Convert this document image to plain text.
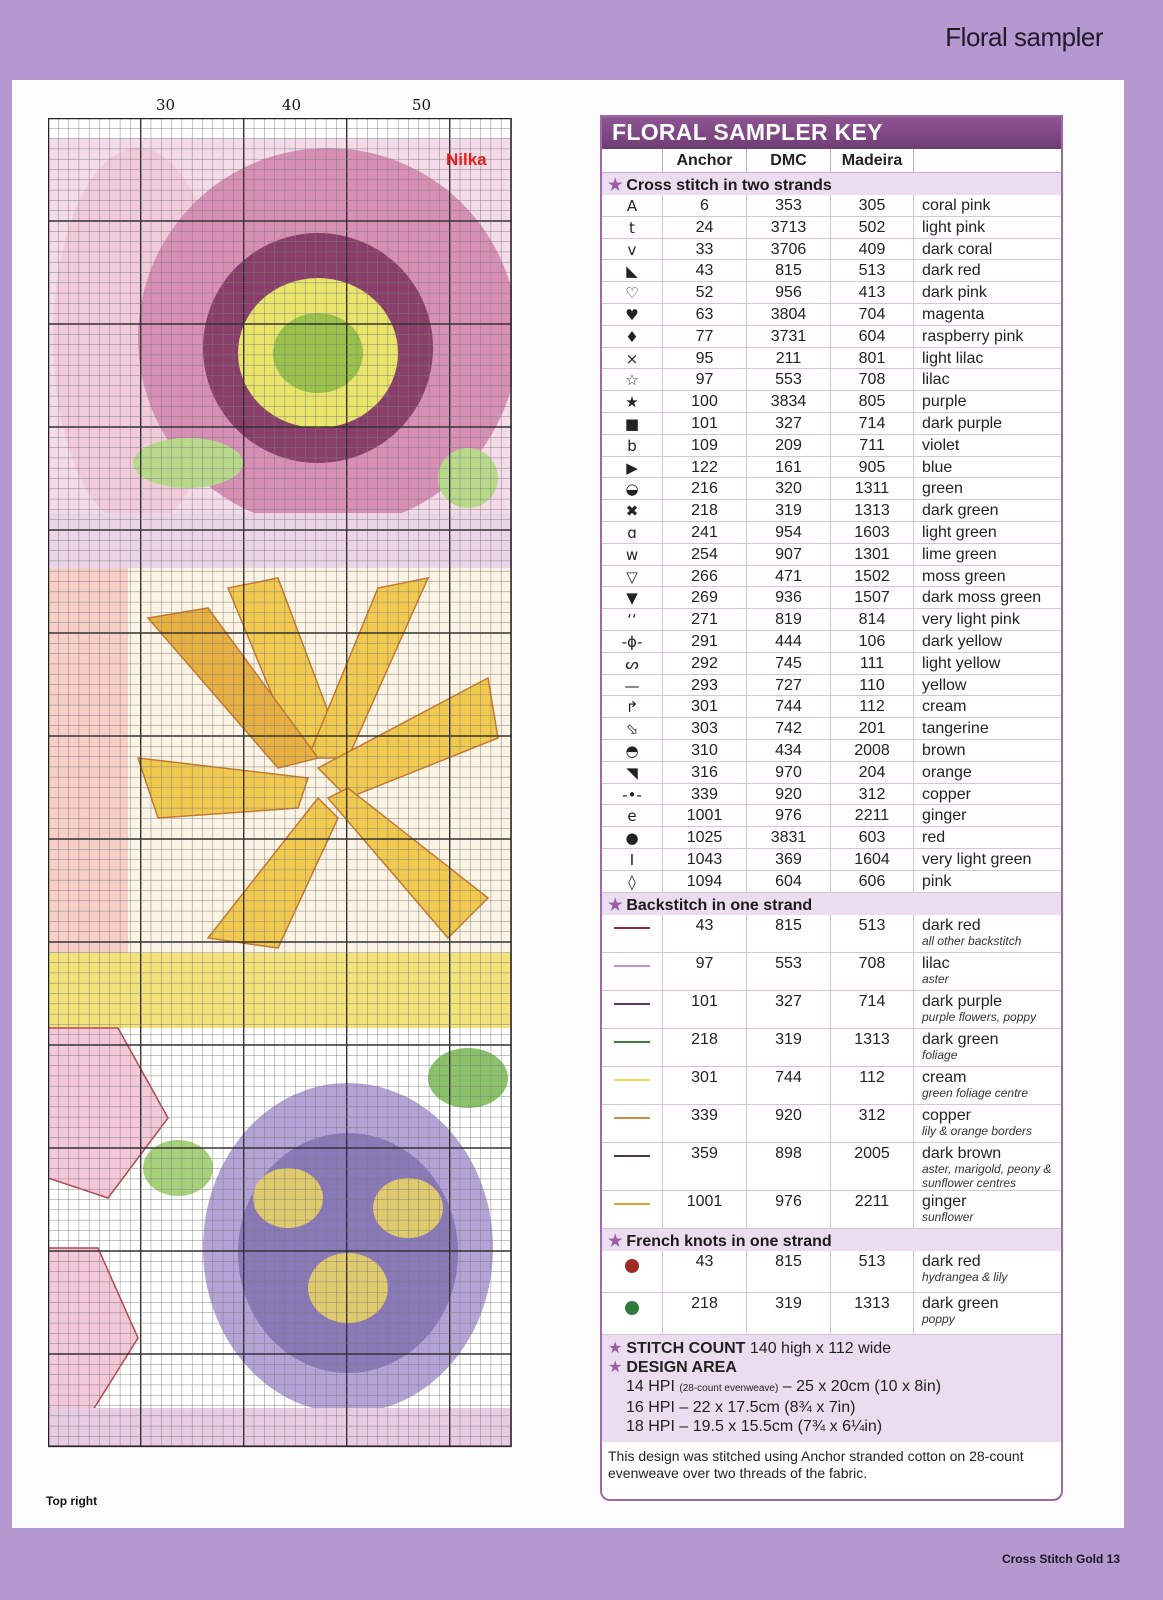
Floral sampler
Cross Stitch Gold 13
30	40	50
Nilka
Top right
FLORAL SAMPLER KEY
Anchor	DMC	Madeira
★ Cross stitch in two strands
A	6	353	305	coral pink
t	24	3713	502	light pink
v	33	3706	409	dark coral
◣	43	815	513	dark red
♡	52	956	413	dark pink
♥	63	3804	704	magenta
♦	77	3731	604	raspberry pink
×	95	211	801	light lilac
☆	97	553	708	lilac
★	100	3834	805	purple
■	101	327	714	dark purple
b	109	209	711	violet
▶	122	161	905	blue
◒	216	320	1311	green
✖	218	319	1313	dark green
ɑ	241	954	1603	light green
w	254	907	1301	lime green
▽	266	471	1502	moss green
▼	269	936	1507	dark moss green
ʻʻ	271	819	814	very light pink
-ϕ-	291	444	106	dark yellow
ᔕ	292	745	111	light yellow
—	293	727	110	yellow
↱	301	744	112	cream
⬂	303	742	201	tangerine
◓	310	434	2008	brown
◥	316	970	204	orange
-•-	339	920	312	copper
e	1001	976	2211	ginger
●	1025	3831	603	red
I	1043	369	1604	very light green
◊	1094	604	606	pink
★ Backstitch in one strand
43	815	513	dark red
all other backstitch
97	553	708	lilac
aster
101	327	714	dark purple
purple flowers, poppy
218	319	1313	dark green
foliage
301	744	112	cream
green foliage centre
339	920	312	copper
lily & orange borders
359	898	2005	dark brown
aster, marigold, peony & sunflower centres
1001	976	2211	ginger
sunflower
★ French knots in one strand
43	815	513	dark red
hydrangea & lily
218	319	1313	dark green
poppy
★ STITCH COUNT 140 high x 112 wide
★ DESIGN AREA
14 HPI (28-count evenweave) – 25 x 20cm (10 x 8in)
16 HPI – 22 x 17.5cm (8¾ x 7in)
18 HPI – 19.5 x 15.5cm (7¾ x 6¼in)
This design was stitched using Anchor stranded cotton on 28-count evenweave over two threads of the fabric.
